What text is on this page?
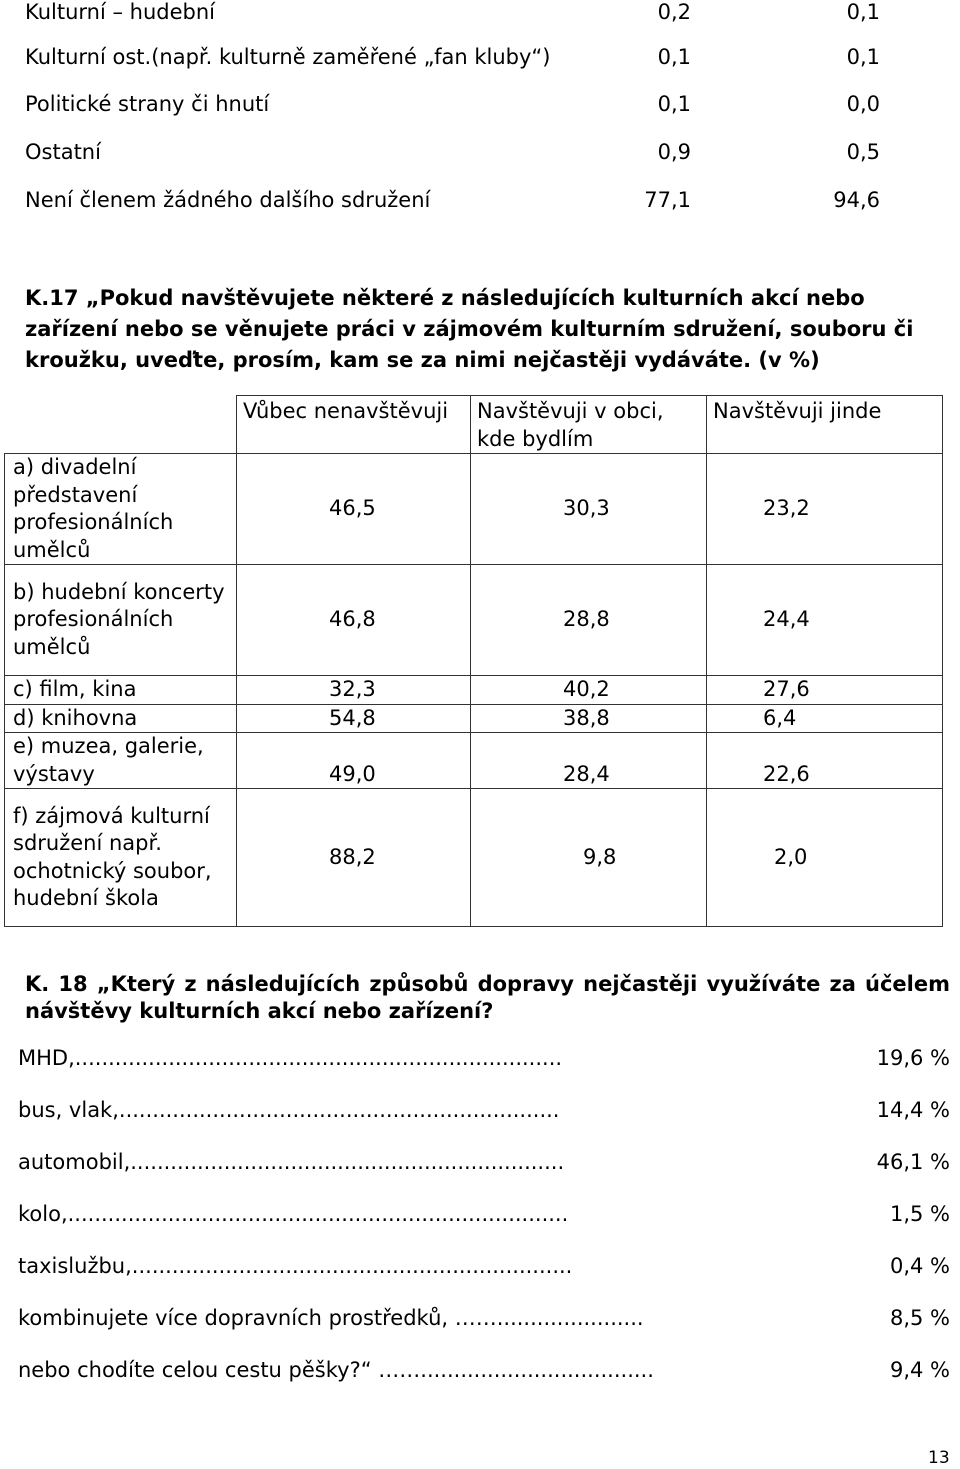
Kulturní – hudební	0,2	0,1
Kulturní ost.(např. kulturně zaměřené „fan kluby“)	0,1	0,1
Politické strany či hnutí	0,1	0,0
Ostatní	0,9	0,5
Není členem žádného dalšího sdružení	77,1	94,6

K.17 „Pokud navštěvujete některé z následujících kulturních akcí nebo zařízení nebo se věnujete práci v zájmovém kulturním sdružení, souboru či kroužku, uveďte, prosím, kam se za nimi nejčastěji vydáváte. (v %)

	Vůbec nenavštěvuji	Navštěvuji v obci, kde bydlím	Navštěvuji jinde
a) divadelní představení profesionálních umělců	46,5	30,3	23,2
b) hudební koncerty profesionálních umělců	46,8	28,8	24,4
c) film, kina	32,3	40,2	27,6
d) knihovna	54,8	38,8	6,4
e) muzea, galerie, výstavy	49,0	28,4	22,6
f) zájmová kulturní sdružení např. ochotnický soubor, hudební škola	88,2	9,8	2,0

K. 18 „Který z následujících způsobů dopravy nejčastěji využíváte za účelem návštěvy kulturních akcí nebo zařízení?

MHD,.........................................................................	19,6 %
bus, vlak,..................................................................	14,4 %
automobil,.................................................................	46,1 %
kolo,...........................................................................	1,5 %
taxislužbu,..................................................................	0,4 %
kombinujete více dopravních prostředků, ……......................	8,5 %
nebo chodíte celou cestu pěšky?“ ……...................................	9,4 %
13
